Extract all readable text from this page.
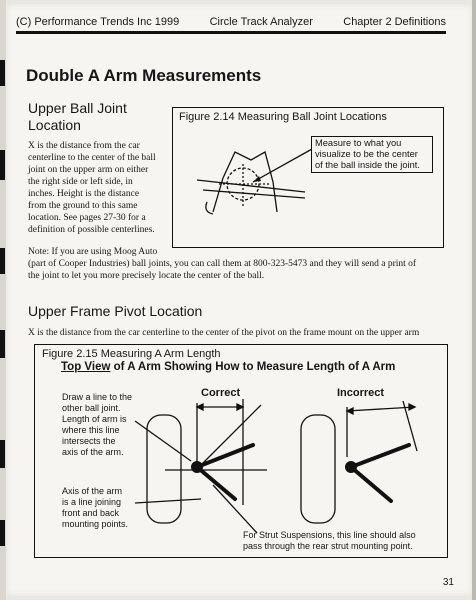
(C) Performance Trends Inc 1999	Circle Track Analyzer	Chapter 2 Definitions
Double A Arm Measurements
Upper Ball Joint
Location
X is the distance from the car
centerline to the center of the ball
joint on the upper arm on either
the right side or left side, in
inches. Height is the distance
from the ground to this same
location. See pages 27-30 for a
definition of possible centerlines.
Figure 2.14 Measuring Ball Joint Locations
Measure to what you
visualize to be the center
of the ball inside the joint.
Note: If you are using Moog Auto
(part of Cooper Industries) ball joints, you can call them at 800-323-5473 and they will send a print of
the joint to let you more precisely locate the center of the ball.
Upper Frame Pivot Location
X is the distance from the car centerline to the center of the pivot on the frame mount on the upper arm
Figure 2.15 Measuring A Arm Length
Top View of A Arm Showing How to Measure Length of A Arm
Correct	Incorrect
Draw a line to the
other ball joint.
Length of arm is
where this line
intersects the
axis of the arm.
Axis of the arm
is a line joining
front and back
mounting points.
For Strut Suspensions, this line should also
pass through the rear strut mounting point.
31
